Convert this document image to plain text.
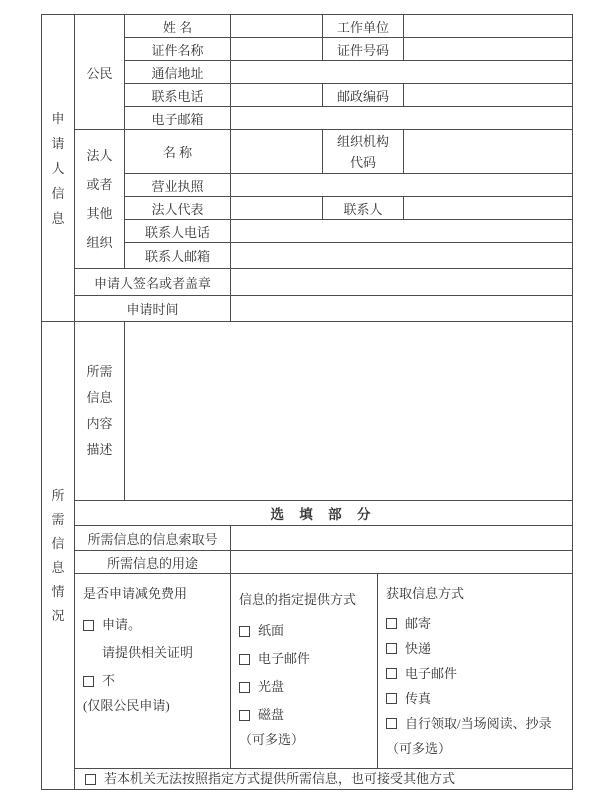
申请人信息	公民	姓 名		工作单位		
		证件名称		证件号码		
		通信地址				
		联系电话		邮政编码		
		电子邮箱				
	法人或者其他组织	名 称		组织机构代码		
		营业执照				
		法人代表		联系人		
		联系人电话				
		联系人邮箱				
	申请人签名或者盖章					
	申请时间					
所需信息情况	所需信息内容描述					
	选 填 部 分					
	所需信息的信息索取号					
	所需信息的用途					

是否申请减免费用
申请。
请提供相关证明
不
(仅限公民申请)

信息的指定提供方式
纸面
电子邮件
光盘
磁盘
（可多选）

获取信息方式
邮寄
快递
电子邮件
传真
自行领取/当场阅读、抄录
（可多选）

	若本机关无法按照指定方式提供所需信息，也可接受其他方式					
